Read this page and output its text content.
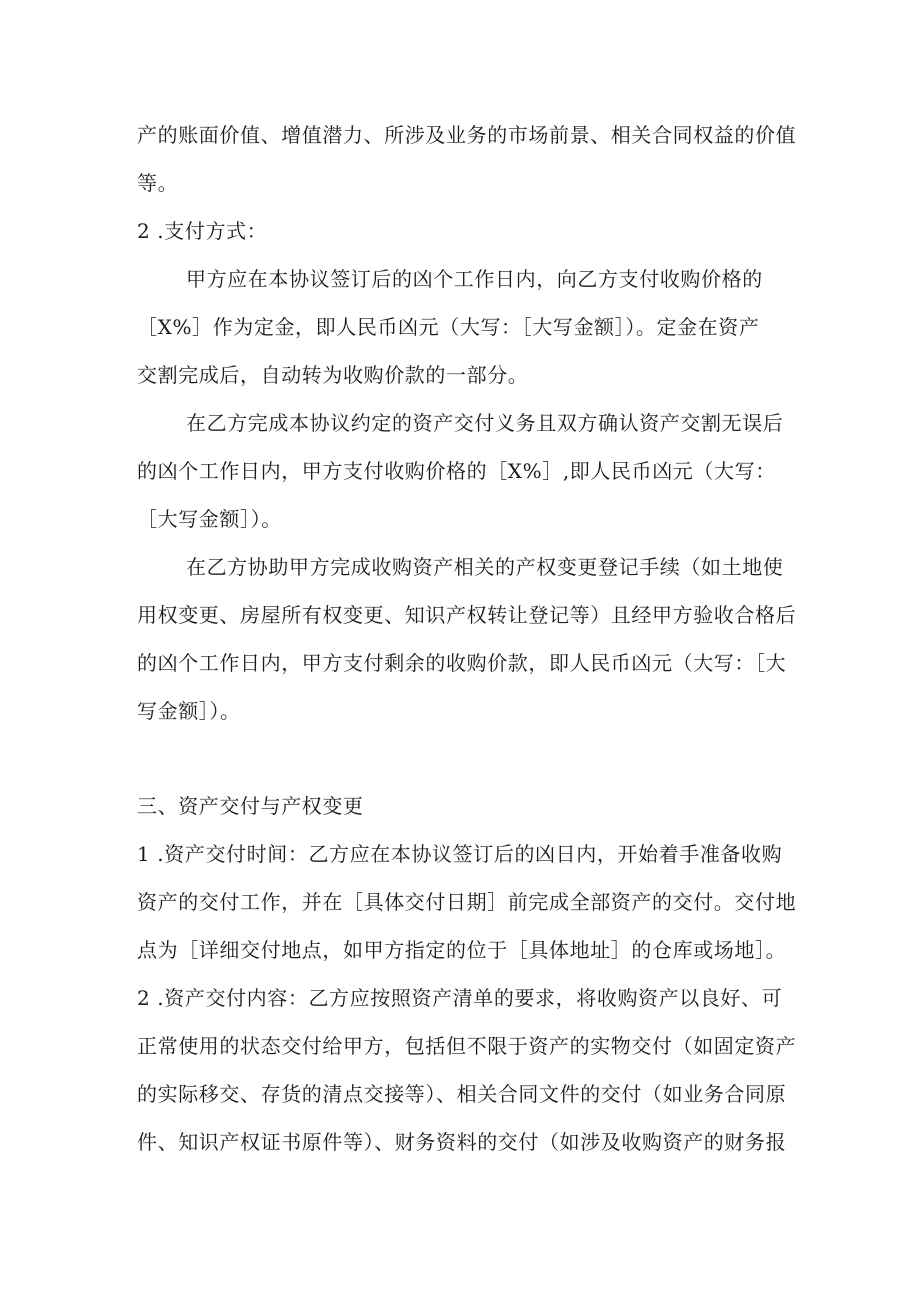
产的账面价值、增值潜力、所涉及业务的市场前景、相关合同权益的价值
等。
2 .支付方式：
甲方应在本协议签订后的凶个工作日内，向乙方支付收购价格的
［X%］作为定金，即人民币凶元（大写：［大写金额］）。定金在资产
交割完成后，自动转为收购价款的一部分。
在乙方完成本协议约定的资产交付义务且双方确认资产交割无误后
的凶个工作日内，甲方支付收购价格的［X%］,即人民币凶元（大写：
［大写金额］）。
在乙方协助甲方完成收购资产相关的产权变更登记手续（如土地使
用权变更、房屋所有权变更、知识产权转让登记等）且经甲方验收合格后
的凶个工作日内，甲方支付剩余的收购价款，即人民币凶元（大写：［大
写金额］）。
三、资产交付与产权变更
1 .资产交付时间：乙方应在本协议签订后的凶日内，开始着手准备收购
资产的交付工作，并在［具体交付日期］前完成全部资产的交付。交付地
点为［详细交付地点，如甲方指定的位于［具体地址］的仓库或场地］。
2 .资产交付内容：乙方应按照资产清单的要求，将收购资产以良好、可
正常使用的状态交付给甲方，包括但不限于资产的实物交付（如固定资产
的实际移交、存货的清点交接等）、相关合同文件的交付（如业务合同原
件、知识产权证书原件等）、财务资料的交付（如涉及收购资产的财务报
